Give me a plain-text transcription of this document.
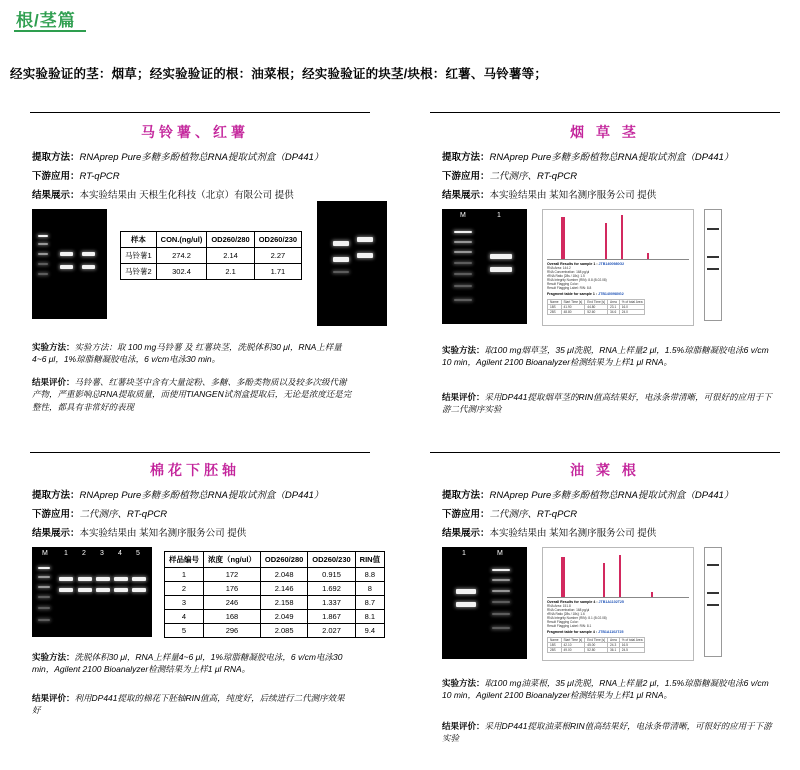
根/茎篇
经实验验证的茎：烟草；经实验验证的根：油菜根；经实验验证的块茎/块根：红薯、马铃薯等；
马铃薯、红薯
提取方法：RNAprep Pure多糖多酚植物总RNA提取试剂盒（DP441）
下游应用：RT-qPCR
结果展示：本实验结果由 天根生化科技（北京）有限公司 提供
样本	CON.(ng/ul)	OD260/280	OD260/230
马铃薯1	274.2	2.14	2.27
马铃薯2	302.4	2.1	1.71
实验方法：实验方法：取 100 mg马铃薯 及 红薯块茎，洗脱体积30 μl，RNA上样量4~6 μl，1%琼脂糖凝胶电泳，6 v/cm电泳30 min。
结果评价：马铃薯、红薯块茎中含有大量淀粉、多糖、多酚类物质以及较多次级代谢产物，严重影响总RNA提取质量，而使用TIANGEN试剂盒提取后，无论是浓度还是完整性，都具有非常好的表现
烟 草 茎
提取方法：RNAprep Pure多糖多酚植物总RNA提取试剂盒（DP441）
下游应用：二代测序、RT-qPCR
结果展示：本实验结果由 某知名测序服务公司 提供
M	1
Overall Results for sample 1 : JTB1400980G2
RNA Area: 144.2
RNA Concentration: 168 pg/μl
rRNA Ratio [28s / 18s]: 1.5
RNA Integrity Number (RIN): 8.8 (B.02.08)
Result Flagging Color:
Result Flagging Label: RIN: 8.8
Fragment table for sample 1 : JTB1400980G2
Name	Start Time [s]	End Time [s]	Area	% of total Area
18S	41.90	44.80	23.1	16.0
28S	48.80	52.60	34.6	24.0
实验方法：取100 mg烟草茎，35 μl洗脱，RNA上样量2 μl，1.5%琼脂糖凝胶电泳6 v/cm 10 min，Agilent 2100 Bioanalyzer检测结果为上样1 μl RNA。
结果评价：采用DP441提取烟草茎的RIN值高结果好，电泳条带清晰，可很好的应用于下游二代测序实验
棉花下胚轴
提取方法：RNAprep Pure多糖多酚植物总RNA提取试剂盒（DP441）
下游应用：二代测序、RT-qPCR
结果展示：本实验结果由 某知名测序服务公司 提供
M 1 2 3 4 5
样品编号	浓度（ng/ul）	OD260/280	OD260/230	RIN值
1	172	2.048	0.915	8.8
2	176	2.146	1.692	8
3	246	2.158	1.337	8.7
4	168	2.049	1.867	8.1
5	296	2.085	2.027	9.4
实验方法：洗脱体积30 μl，RNA上样量4~6 μl，1%琼脂糖凝胶电泳，6 v/cm电泳30 min，Agilent 2100 Bioanalyzer检测结果为上样1 μl RNA。
结果评价：利用DP441提取的棉花下胚轴RIN值高，纯度好，后续进行二代测序效果好
油 菜 根
提取方法：RNAprep Pure多糖多酚植物总RNA提取试剂盒（DP441）
下游应用：二代测序、RT-qPCR
结果展示：本实验结果由 某知名测序服务公司 提供
1	M
Overall Results for sample 4 : JTB1A1102T25
RNA Area: 151.8
RNA Concentration: 168 pg/μl
rRNA Ratio [28s / 18s]: 1.6
RNA Integrity Number (RIN): 8.1 (B.02.08)
Result Flagging Color:
Result Flagging Label: RIN: 8.1
Fragment table for sample 4 : JTB1A1102T25
Name	Start Time [s]	End Time [s]	Area	% of total Area
18S	42.10	45.00	24.3	16.5
28S	49.00	52.80	36.1	24.5
实验方法：取100 mg油菜根，35 μl洗脱，RNA上样量2 μl，1.5%琼脂糖凝胶电泳6 v/cm 10 min，Agilent 2100 Bioanalyzer检测结果为上样1 μl RNA。
结果评价：采用DP441提取油菜根RIN值高结果好，电泳条带清晰，可很好的应用于下游实验
